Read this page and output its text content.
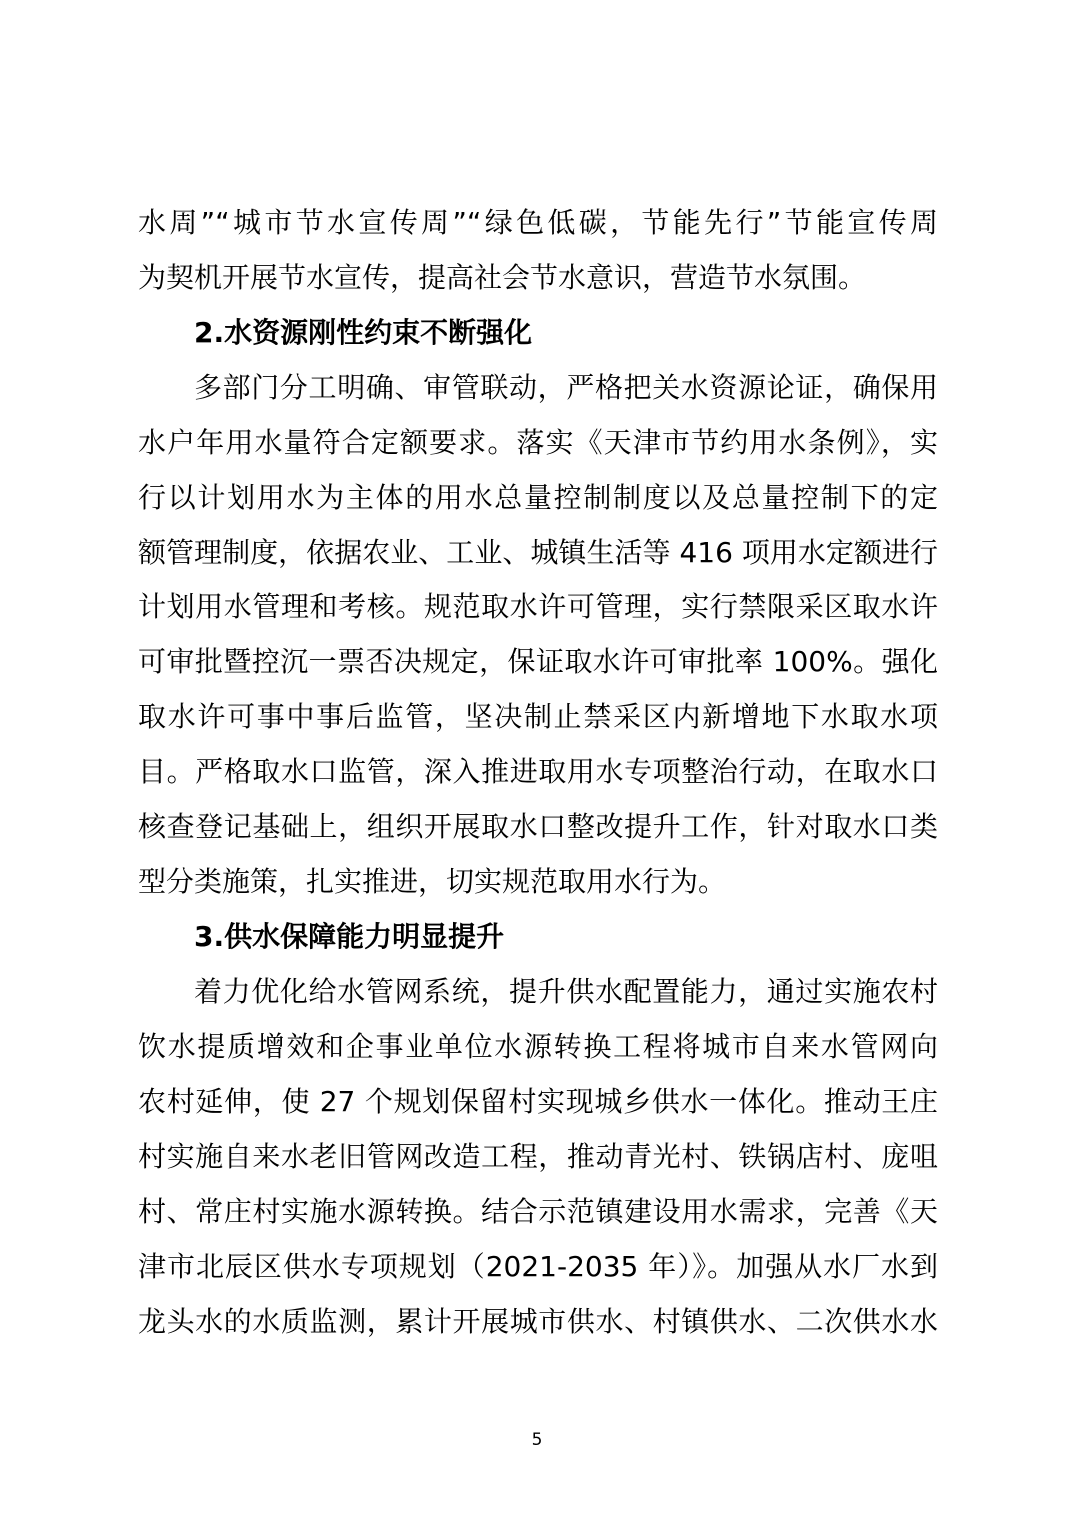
水周”“城市节水宣传周”“绿色低碳，节能先行”节能宣传周
为契机开展节水宣传，提高社会节水意识，营造节水氛围。
2.水资源刚性约束不断强化
多部门分工明确、审管联动，严格把关水资源论证，确保用
水户年用水量符合定额要求。落实《天津市节约用水条例》，实
行以计划用水为主体的用水总量控制制度以及总量控制下的定
额管理制度，依据农业、工业、城镇生活等 416 项用水定额进行
计划用水管理和考核。规范取水许可管理，实行禁限采区取水许
可审批暨控沉一票否决规定，保证取水许可审批率 100%。强化
取水许可事中事后监管，坚决制止禁采区内新增地下水取水项
目。严格取水口监管，深入推进取用水专项整治行动，在取水口
核查登记基础上，组织开展取水口整改提升工作，针对取水口类
型分类施策，扎实推进，切实规范取用水行为。
3.供水保障能力明显提升
着力优化给水管网系统，提升供水配置能力，通过实施农村
饮水提质增效和企事业单位水源转换工程将城市自来水管网向
农村延伸，使 27 个规划保留村实现城乡供水一体化。推动王庄
村实施自来水老旧管网改造工程，推动青光村、铁锅店村、庞咀
村、常庄村实施水源转换。结合示范镇建设用水需求，完善《天
津市北辰区供水专项规划（2021-2035 年）》。加强从水厂水到
龙头水的水质监测，累计开展城市供水、村镇供水、二次供水水
5
